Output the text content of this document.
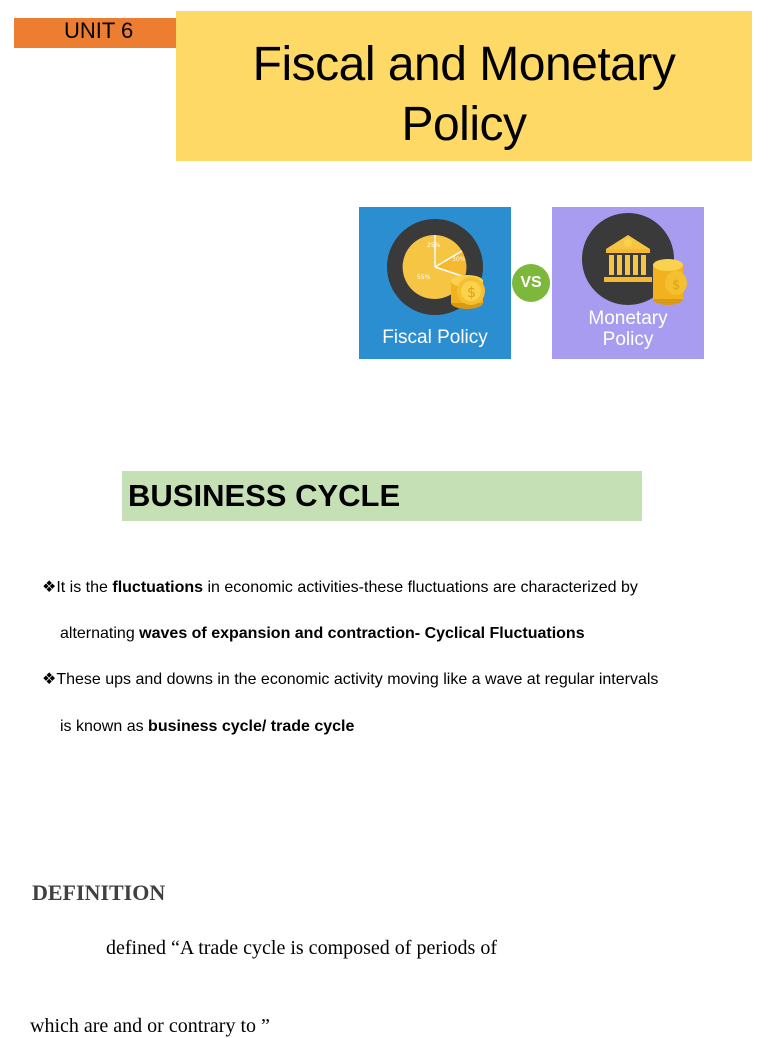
UNIT 6
Fiscal and Monetary
Policy
25%
30%
55%
$
Fiscal Policy
VS	$
Monetary
Policy
BUSINESS CYCLE
❖It is the fluctuations in economic activities-these fluctuations are characterized by
alternating waves of expansion and contraction- Cyclical Fluctuations
❖These ups and downs in the economic activity moving like a wave at regular intervals
is known as business cycle/ trade cycle
DEFINITION
defined “A trade cycle is composed of periods of
which are and or contrary to ”
